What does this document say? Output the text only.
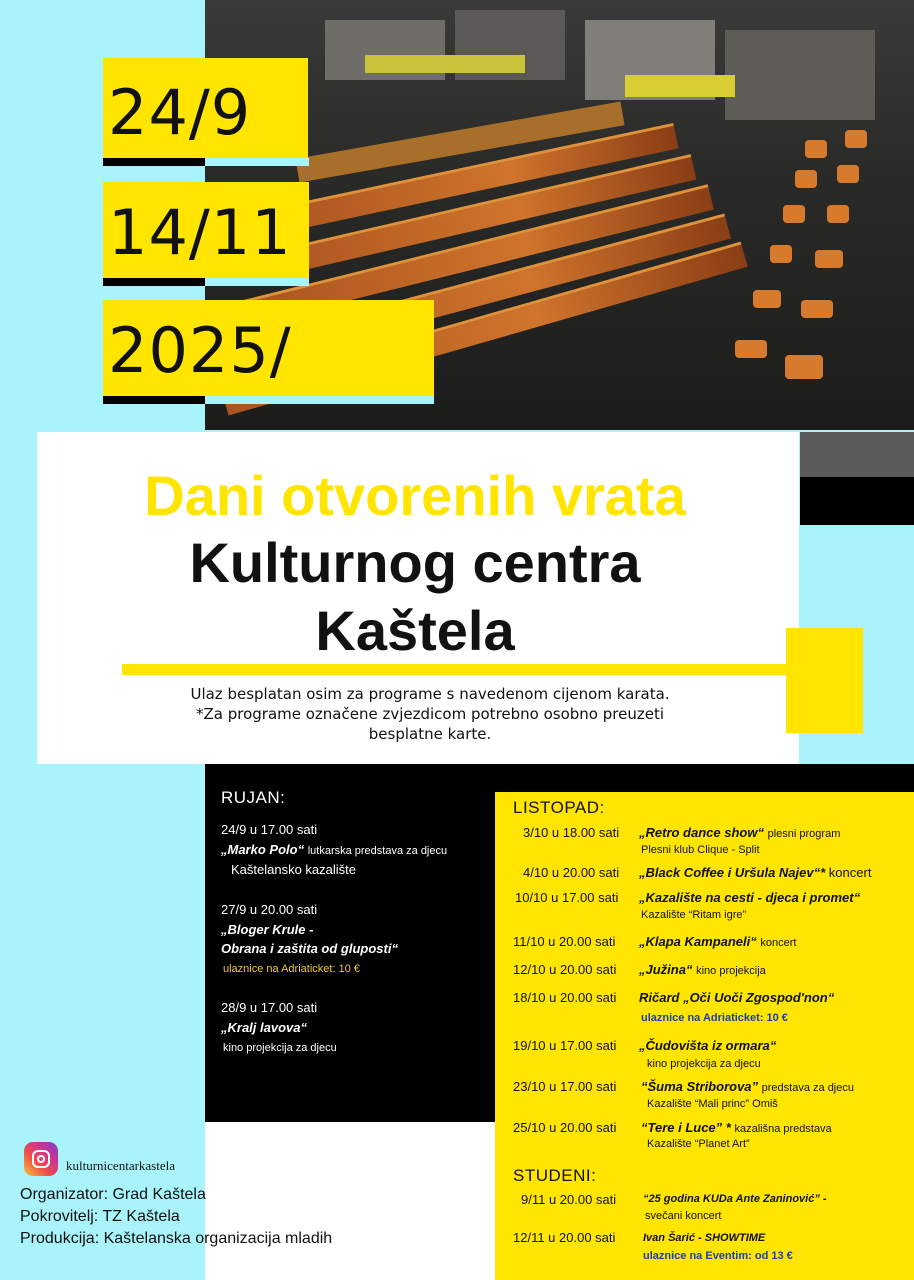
24/9
14/11
2025/
Dani otvorenih vrata
Kulturnog centra
Kaštela
Ulaz besplatan osim za programe s navedenom cijenom karata.
*Za programe označene zvjezdicom potrebno osobno preuzeti
besplatne karte.
RUJAN:
24/9 u 17.00 sati
„Marko Polo“ lutkarska predstava za djecu
Kaštelansko kazalište
27/9 u 20.00 sati
„Bloger Krule -
Obrana i zaštita od gluposti“
ulaznice na Adriaticket: 10 €
28/9 u 17.00 sati
„Kralj lavova“
kino projekcija za djecu
LISTOPAD:
3/10 u 18.00 sati „Retro dance show“ plesni program
Plesni klub Clique - Split
4/10 u 20.00 sati „Black Coffee i Uršula Najev“* koncert
10/10 u 17.00 sati „Kazalište na cesti - djeca i promet“
Kazalište “Ritam igre”
11/10 u 20.00 sati „Klapa Kampaneli“ koncert
12/10 u 20.00 sati „Južina“ kino projekcija
18/10 u 20.00 sati Ričard „Oči Uoči Zgospod'non“
ulaznice na Adriaticket: 10 €
19/10 u 17.00 sati „Čudovišta iz ormara“
kino projekcija za djecu
23/10 u 17.00 sati “Šuma Striborova” predstava za djecu
Kazalište “Mali princ” Omiš
25/10 u 20.00 sati “Tere i Luce” * kazališna predstava
Kazalište “Planet Art”
STUDENI:
9/11 u 20.00 sati “25 godina KUDa Ante Zaninović” -
svečani koncert
12/11 u 20.00 sati	Ivan Šarić - SHOWTIME
ulaznice na Eventim: od 13 €
kulturnicentarkastela
Organizator: Grad Kaštela
Pokrovitelj: TZ Kaštela
Produkcija: Kaštelanska organizacija mladih
